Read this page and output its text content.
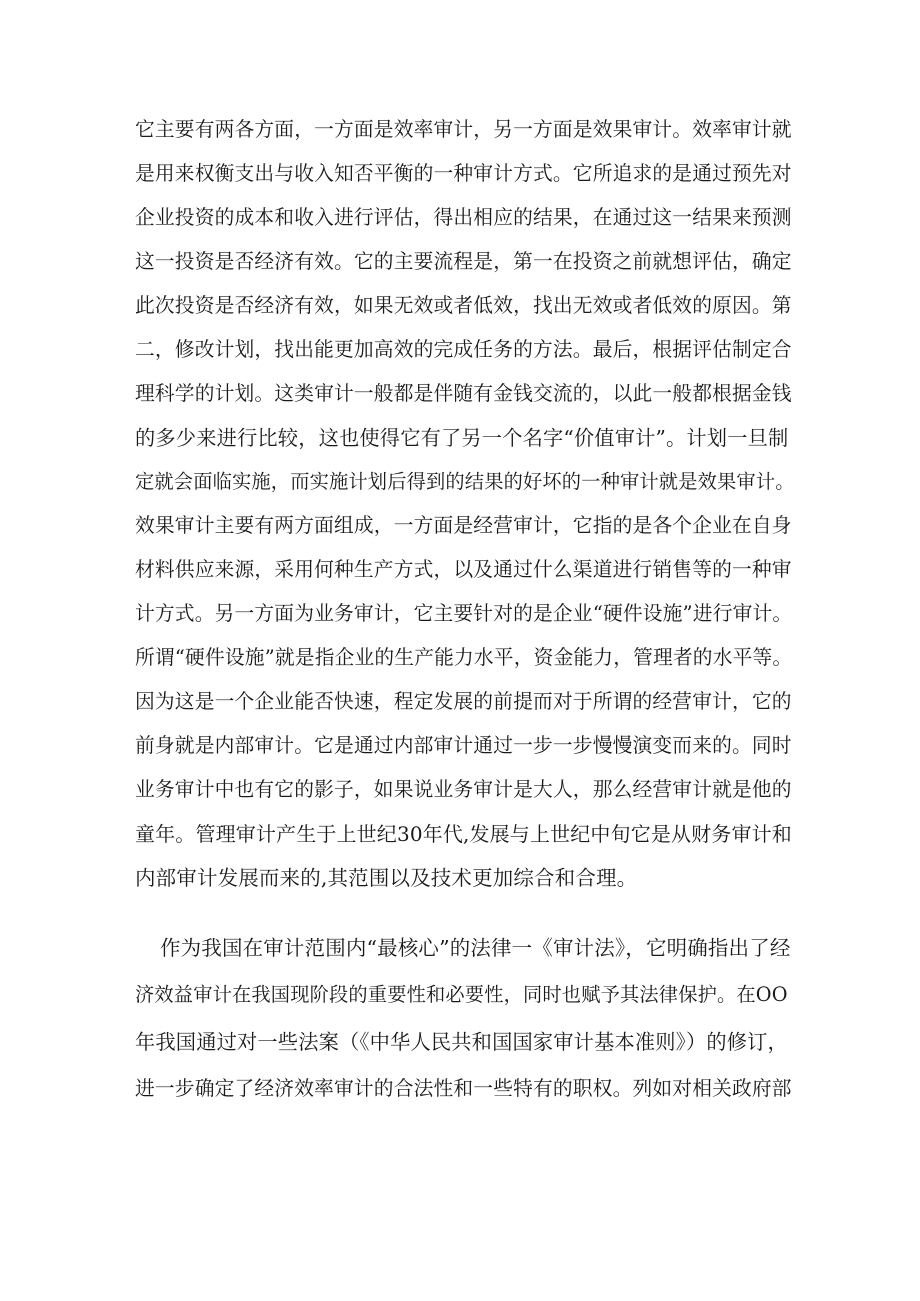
它主要有两各方面，一方面是效率审计，另一方面是效果审计。效率审计就
是用来权衡支出与收入知否平衡的一种审计方式。它所追求的是通过预先对
企业投资的成本和收入进行评估，得出相应的结果，在通过这一结果来预测
这一投资是否经济有效。它的主要流程是，第一在投资之前就想评估，确定
此次投资是否经济有效，如果无效或者低效，找出无效或者低效的原因。第
二，修改计划，找出能更加高效的完成任务的方法。最后，根据评估制定合
理科学的计划。这类审计一般都是伴随有金钱交流的，以此一般都根据金钱
的多少来进行比较，这也使得它有了另一个名字“价值审计”。计划一旦制
定就会面临实施，而实施计划后得到的结果的好坏的一种审计就是效果审计。
效果审计主要有两方面组成，一方面是经营审计，它指的是各个企业在自身
材料供应来源，采用何种生产方式，以及通过什么渠道进行销售等的一种审
计方式。另一方面为业务审计，它主要针对的是企业“硬件设施”进行审计。
所谓“硬件设施”就是指企业的生产能力水平，资金能力，管理者的水平等。
因为这是一个企业能否快速，程定发展的前提而对于所谓的经营审计，它的
前身就是内部审计。它是通过内部审计通过一步一步慢慢演变而来的。同时
业务审计中也有它的影子，如果说业务审计是大人，那么经营审计就是他的
童年。管理审计产生于上世纪30年代,发展与上世纪中旬它是从财务审计和
内部审计发展而来的,其范围以及技术更加综合和合理。
作为我国在审计范围内“最核心”的法律一《审计法》，它明确指出了经
济效益审计在我国现阶段的重要性和必要性，同时也赋予其法律保护。在OO
年我国通过对一些法案（《中华人民共和国国家审计基本准则》）的修订，
进一步确定了经济效率审计的合法性和一些特有的职权。列如对相关政府部
